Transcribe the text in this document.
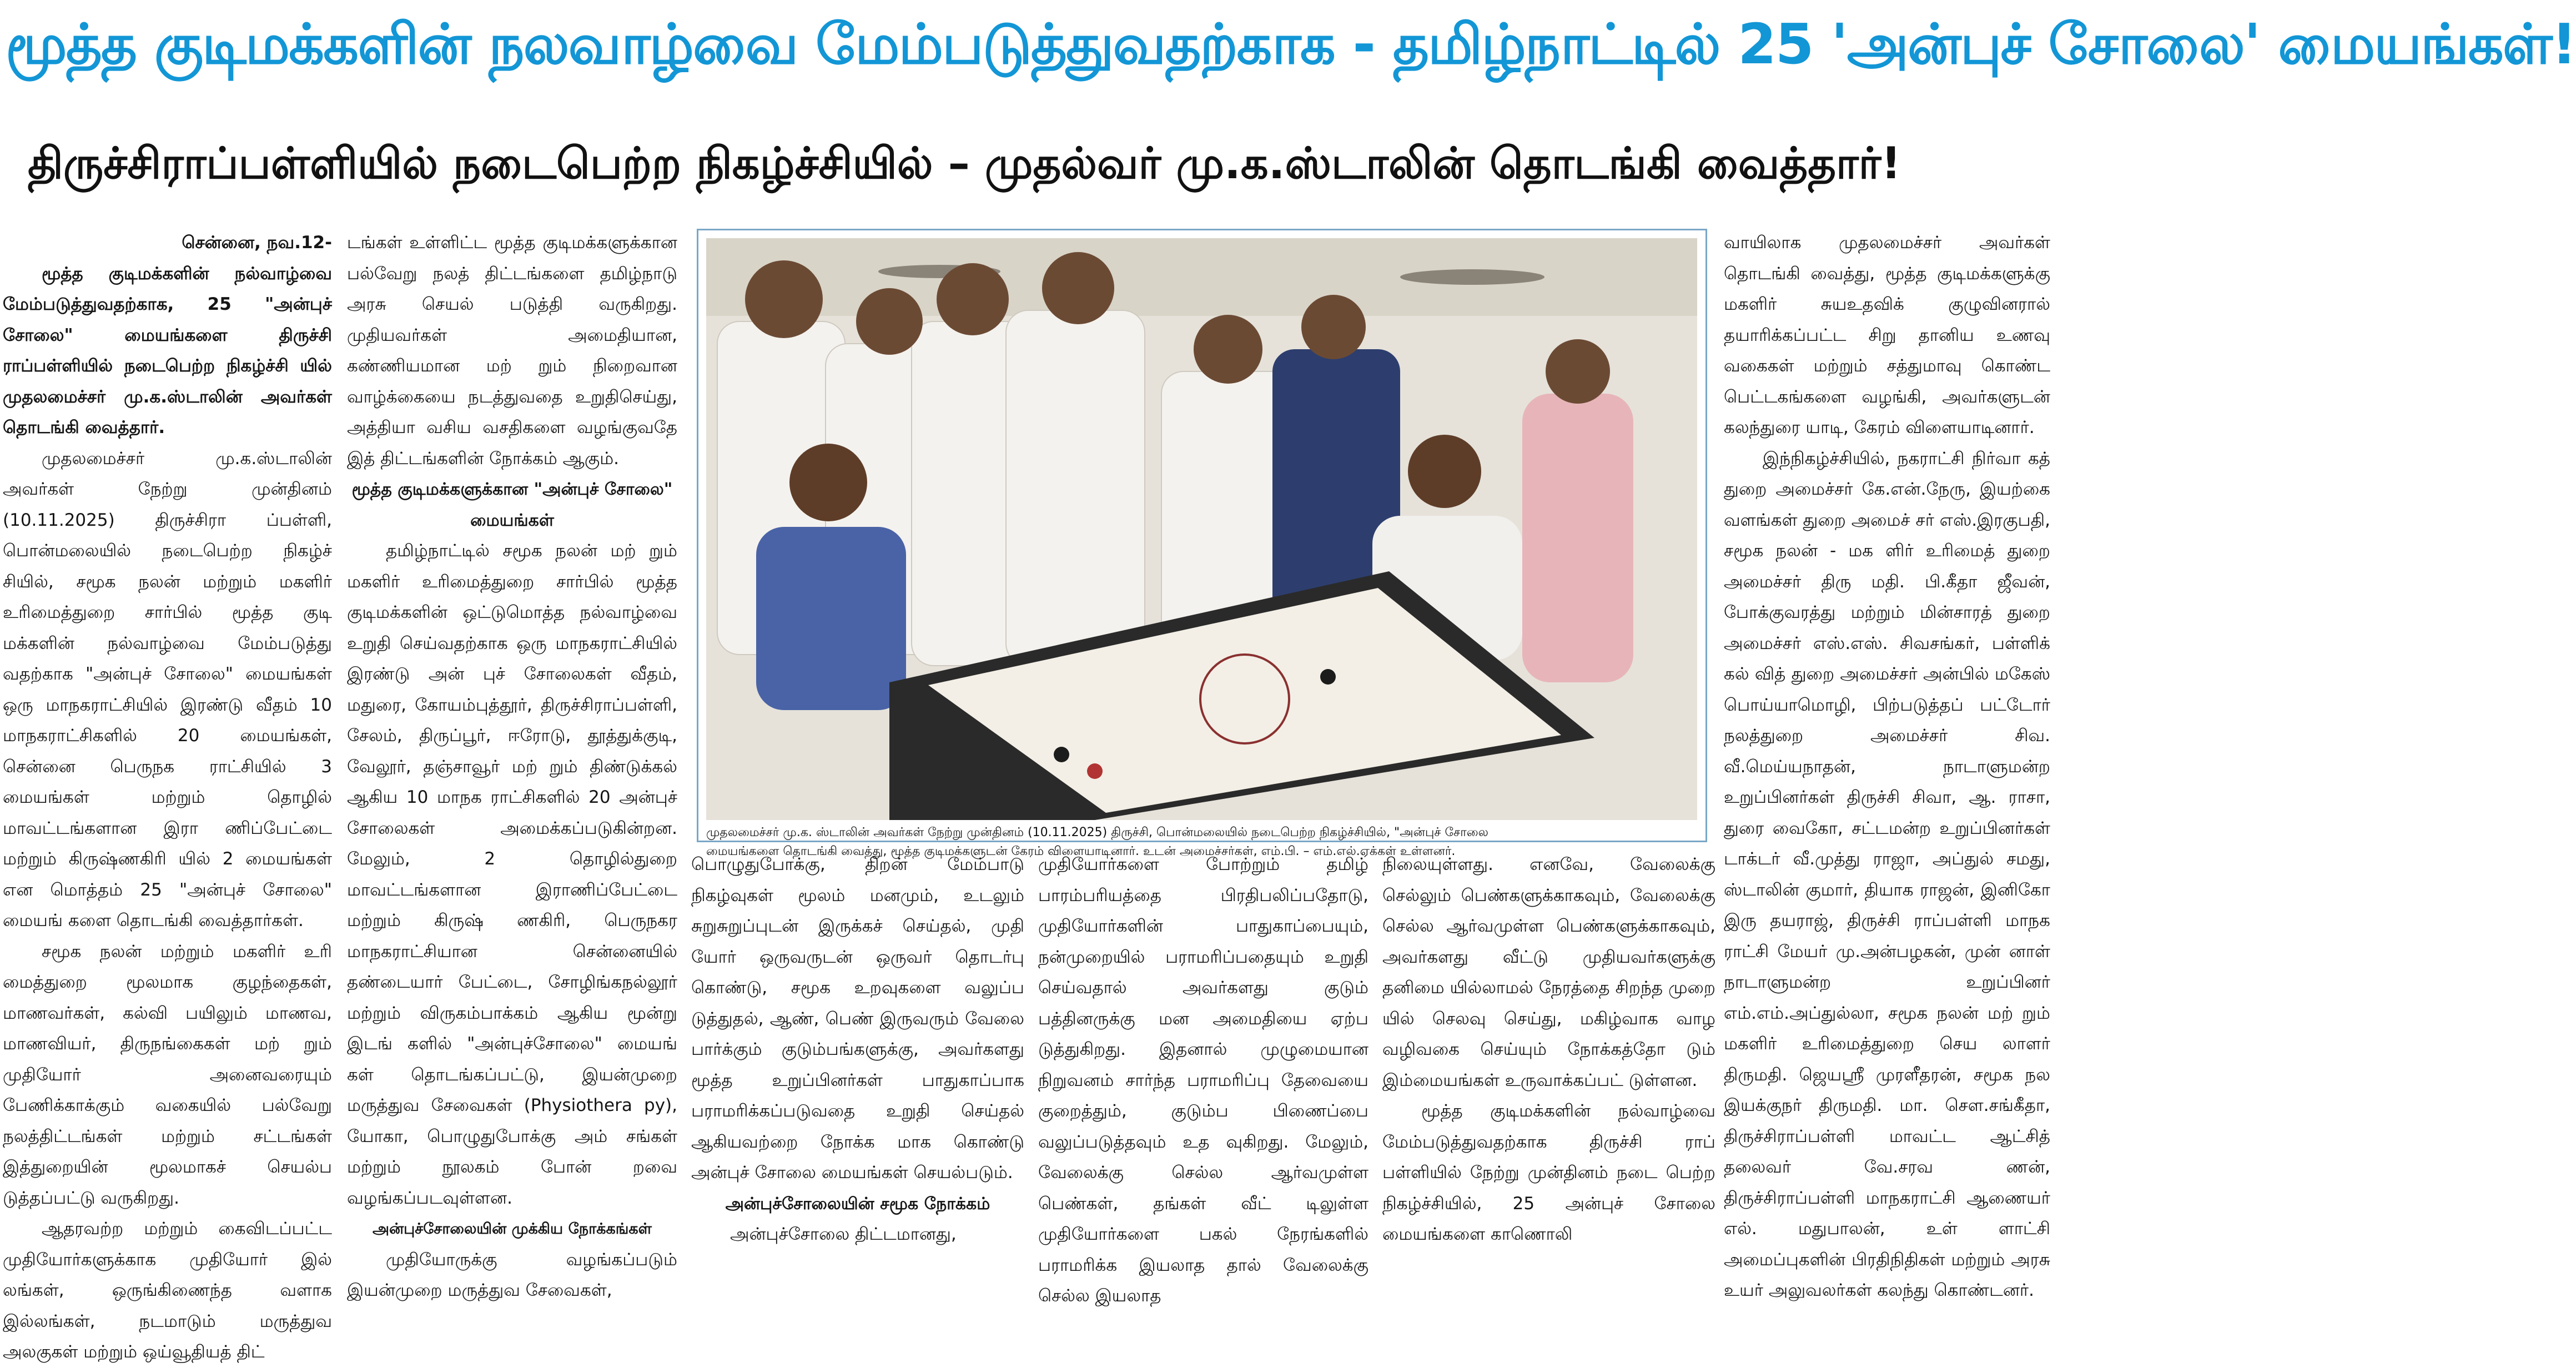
மூத்த குடிமக்களின் நலவாழ்வை மேம்படுத்துவதற்காக - தமிழ்நாட்டில் 25 'அன்புச் சோலை' மையங்கள்!
திருச்சிராப்பள்ளியில் நடைபெற்ற நிகழ்ச்சியில் – முதல்வர் மு.க.ஸ்டாலின் தொடங்கி வைத்தார்!

சென்னை, நவ.12-

மூத்த குடிமக்களின் நல்வாழ்வை மேம்படுத்துவதற்காக, 25 "அன்புச் சோலை" மையங்களை திருச்சி ராப்பள்ளியில் நடைபெற்ற நிகழ்ச்சி யில் முதலமைச்சர் மு.க.ஸ்டாலின் அவர்கள் தொடங்கி வைத்தார்.

முதலமைச்சர் மு.க.ஸ்டாலின் அவர்கள் நேற்று முன்தினம் (10.11.2025) திருச்சிரா ப்பள்ளி, பொன்மலையில் நடைபெற்ற நிகழ்ச் சியில், சமூக நலன் மற்றும் மகளிர் உரிமைத்துறை சார்பில் மூத்த குடி மக்களின் நல்வாழ்வை மேம்படுத்து வதற்காக "அன்புச் சோலை" மையங்கள் ஒரு மாநகராட்சியில் இரண்டு வீதம் 10 மாநகராட்சிகளில் 20 மையங்கள், சென்னை பெருநக ராட்சியில் 3 மையங்கள் மற்றும் தொழில் மாவட்டங்களான இரா ணிப்பேட்டை மற்றும் கிருஷ்ணகிரி யில் 2 மையங்கள் என மொத்தம் 25 "அன்புச் சோலை" மையங் களை தொடங்கி வைத்தார்கள்.

சமூக நலன் மற்றும் மகளிர் உரி மைத்துறை மூலமாக குழந்தைகள், மாணவர்கள், கல்வி பயிலும் மாணவ, மாணவியர், திருநங்கைகள் மற் றும் முதியோர் அனைவரையும் பேணிக்காக்கும் வகையில் பல்வேறு நலத்திட்டங்கள் மற்றும் சட்டங்கள் இத்துறையின் மூலமாகச் செயல்ப டுத்தப்பட்டு வருகிறது.

ஆதரவற்ற மற்றும் கைவிடப்பட்ட முதியோர்களுக்காக முதியோர் இல் லங்கள், ஒருங்கிணைந்த வளாக இல்லங்கள், நடமாடும் மருத்துவ அலகுகள் மற்றும் ஒய்வூதியத் திட்

டங்கள் உள்ளிட்ட மூத்த குடிமக்களுக்கான பல்வேறு நலத் திட்டங்களை தமிழ்நாடு அரசு செயல் படுத்தி வருகிறது. முதியவர்கள் அமைதியான, கண்ணியமான மற் றும் நிறைவான வாழ்க்கையை நடத்துவதை உறுதிசெய்து, அத்தியா வசிய வசதிகளை வழங்குவதே இத் திட்டங்களின் நோக்கம் ஆகும்.

மூத்த குடிமக்களுக்கான "அன்புச் சோலை" மையங்கள்

தமிழ்நாட்டில் சமூக நலன் மற் றும் மகளிர் உரிமைத்துறை சார்பில் மூத்த குடிமக்களின் ஒட்டுமொத்த நல்வாழ்வை உறுதி செய்வதற்காக ஒரு மாநகராட்சியில் இரண்டு அன் புச் சோலைகள் வீதம், மதுரை, கோயம்புத்தூர், திருச்சிராப்பள்ளி, சேலம், திருப்பூர், ஈரோடு, தூத்துக்குடி, வேலூர், தஞ்சாவூர் மற் றும் திண்டுக்கல் ஆகிய 10 மாநக ராட்சிகளில் 20 அன்புச் சோலைகள் அமைக்கப்படுகின்றன. மேலும், 2 தொழில்துறை மாவட்டங்களான இராணிப்பேட்டை மற்றும் கிருஷ் ணகிரி, பெருநகர மாநகராட்சியான சென்னையில் தண்டையார் பேட்டை, சோழிங்கநல்லூர் மற்றும் விருகம்பாக்கம் ஆகிய மூன்று இடங் களில் "அன்புச்சோலை" மையங் கள் தொடங்கப்பட்டு, இயன்முறை மருத்துவ சேவைகள் (Physiothera py), யோகா, பொழுதுபோக்கு அம் சங்கள் மற்றும் நூலகம் போன் றவை வழங்கப்படவுள்ளன.

அன்புச்சோலையின் முக்கிய நோக்கங்கள்

முதியோருக்கு வழங்கப்படும் இயன்முறை மருத்துவ சேவைகள்,

முதலமைச்சர் மு.க. ஸ்டாலின் அவர்கள் நேற்று முன்தினம் (10.11.2025) திருச்சி, பொன்மலையில் நடைபெற்ற நிகழ்ச்சியில், "அன்புச் சோலை
மையங்களை தொடங்கி வைத்து, மூத்த குடிமக்களுடன் கேரம் விளையாடினார். உடன் அமைச்சர்கள், எம்.பி. – எம்.எல்.ஏக்கள் உள்ளனர்.

பொழுதுபோக்கு, திறன் மேம்பாடு நிகழ்வுகள் மூலம் மனமும், உடலும் சுறுசுறுப்புடன் இருக்கச் செய்தல், முதி யோர் ஒருவருடன் ஒருவர் தொடர்பு கொண்டு, சமூக உறவுகளை வலுப்ப டுத்துதல், ஆண், பெண் இருவரும் வேலை பார்க்கும் குடும்பங்களுக்கு, அவர்களது மூத்த உறுப்பினர்கள் பாதுகாப்பாக பராமரிக்கப்படுவதை உறுதி செய்தல் ஆகியவற்றை நோக்க மாக கொண்டு அன்புச் சோலை மையங்கள் செயல்படும்.

அன்புச்சோலையின் சமூக நோக்கம்

அன்புச்சோலை திட்டமானது,

முதியோர்களை போற்றும் தமிழ் பாரம்பரியத்தை பிரதிபலிப்பதோடு, முதியோர்களின் பாதுகாப்பையும், நன்முறையில் பராமரிப்பதையும் உறுதி செய்வதால் அவர்களது குடும் பத்தினருக்கு மன அமைதியை ஏற்ப டுத்துகிறது. இதனால் முழுமையான நிறுவனம் சார்ந்த பராமரிப்பு தேவையை குறைத்தும், குடும்ப பிணைப்பை வலுப்படுத்தவும் உத வுகிறது. மேலும், வேலைக்கு செல்ல ஆர்வமுள்ள பெண்கள், தங்கள் வீட் டிலுள்ள முதியோர்களை பகல் நேரங்களில் பராமரிக்க இயலாத தால் வேலைக்கு செல்ல இயலாத

நிலையுள்ளது. எனவே, வேலைக்கு செல்லும் பெண்களுக்காகவும், வேலைக்கு செல்ல ஆர்வமுள்ள பெண்களுக்காகவும், அவர்களது வீட்டு முதியவர்களுக்கு தனிமை யில்லாமல் நேரத்தை சிறந்த முறை யில் செலவு செய்து, மகிழ்வாக வாழ வழிவகை செய்யும் நோக்கத்தோ டும் இம்மையங்கள் உருவாக்கப்பட் டுள்ளன.

மூத்த குடிமக்களின் நல்வாழ்வை மேம்படுத்துவதற்காக திருச்சி ராப் பள்ளியில் நேற்று முன்தினம் நடை பெற்ற நிகழ்ச்சியில், 25 அன்புச் சோலை மையங்களை காணொலி

வாயிலாக முதலமைச்சர் அவர்கள் தொடங்கி வைத்து, மூத்த குடிமக்களுக்கு மகளிர் சுயஉதவிக் குழுவினரால் தயாரிக்கப்பட்ட சிறு தானிய உணவு வகைகள் மற்றும் சத்துமாவு கொண்ட பெட்டகங்களை வழங்கி, அவர்களுடன் கலந்துரை யாடி, கேரம் விளையாடினார்.

இந்நிகழ்ச்சியில், நகராட்சி நிர்வா கத் துறை அமைச்சர் கே.என்.நேரு, இயற்கை வளங்கள் துறை அமைச் சர் எஸ்.இரகுபதி, சமூக நலன் - மக ளிர் உரிமைத் துறை அமைச்சர் திரு மதி. பி.கீதா ஜீவன், போக்குவரத்து மற்றும் மின்சாரத் துறை அமைச்சர் எஸ்.எஸ். சிவசங்கர், பள்ளிக் கல் வித் துறை அமைச்சர் அன்பில் மகேஸ் பொய்யாமொழி, பிற்படுத்தப் பட்டோர் நலத்துறை அமைச்சர் சிவ. வீ.மெய்யநாதன், நாடாளுமன்ற உறுப்பினர்கள் திருச்சி சிவா, ஆ. ராசா, துரை வைகோ, சட்டமன்ற உறுப்பினர்கள் டாக்டர் வீ.முத்து ராஜா, அப்துல் சமது, ஸ்டாலின் குமார், தியாக ராஜன், இனிகோ இரு தயராஜ், திருச்சி ராப்பள்ளி மாநக ராட்சி மேயர் மு.அன்பழகன், முன் னாள் நாடாளுமன்ற உறுப்பினர் எம்.எம்.அப்துல்லா, சமூக நலன் மற் றும் மகளிர் உரிமைத்துறை செய லாளர் திருமதி. ஜெயஸ்ரீ முரளீதரன், சமூக நல இயக்குநர் திருமதி. மா. செள.சங்கீதா, திருச்சிராப்பள்ளி மாவட்ட ஆட்சித் தலைவர் வே.சரவ ணன், திருச்சிராப்பள்ளி மாநகராட்சி ஆணையர் எல். மதுபாலன், உள் ளாட்சி அமைப்புகளின் பிரதிநிதிகள் மற்றும் அரசு உயர் அலுவலர்கள் கலந்து கொண்டனர்.
